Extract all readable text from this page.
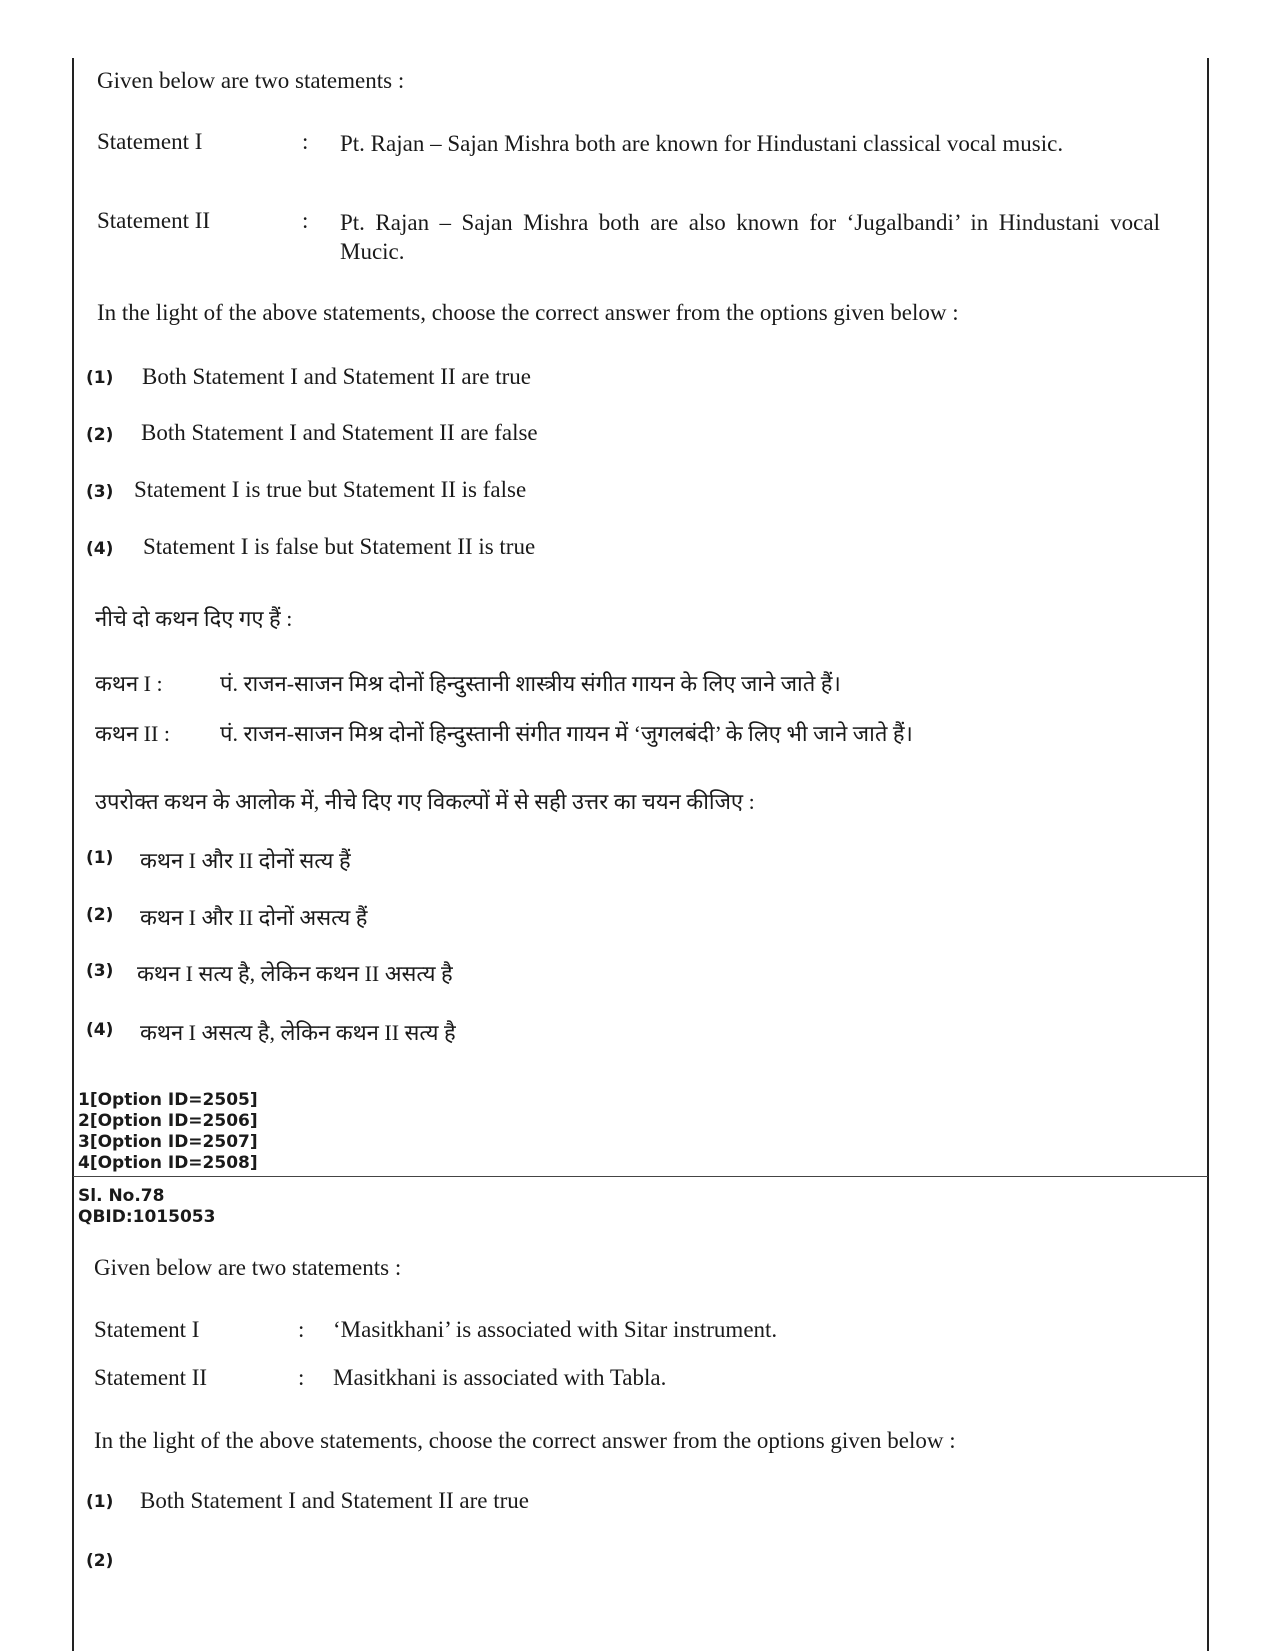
Given below are two statements :
Statement I	: Pt. Rajan – Sajan Mishra both are known for Hindustani classical vocal music.
Statement II	: Pt. Rajan – Sajan Mishra both are also known for ‘Jugalbandi’ in Hindustani vocal Mucic.
In the light of the above statements, choose the correct answer from the options given below :
(1) Both Statement I and Statement II are true
(2) Both Statement I and Statement II are false
(3) Statement I is true but Statement II is false
(4) Statement I is false but Statement II is true
नीचे दो कथन दिए गए हैं :
कथन I :	पं. राजन-साजन मिश्र दोनों हिन्दुस्तानी शास्त्रीय संगीत गायन के लिए जाने जाते हैं।
कथन II : पं. राजन-साजन मिश्र दोनों हिन्दुस्तानी संगीत गायन में ‘जुगलबंदी’ के लिए भी जाने जाते हैं।
उपरोक्त कथन के आलोक में, नीचे दिए गए विकल्पों में से सही उत्तर का चयन कीजिए :
(1) कथन I और II दोनों सत्य हैं
(2) कथन I और II दोनों असत्य हैं
(3) कथन I सत्य है, लेकिन कथन II असत्य है
(4) कथन I असत्य है, लेकिन कथन II सत्य है
1[Option ID=2505]
2[Option ID=2506]
3[Option ID=2507]
4[Option ID=2508]
Sl. No.78
QBID:1015053
Given below are two statements :
Statement I	: ‘Masitkhani’ is associated with Sitar instrument.
Statement II	: Masitkhani is associated with Tabla.
In the light of the above statements, choose the correct answer from the options given below :
(1) Both Statement I and Statement II are true
(2)
